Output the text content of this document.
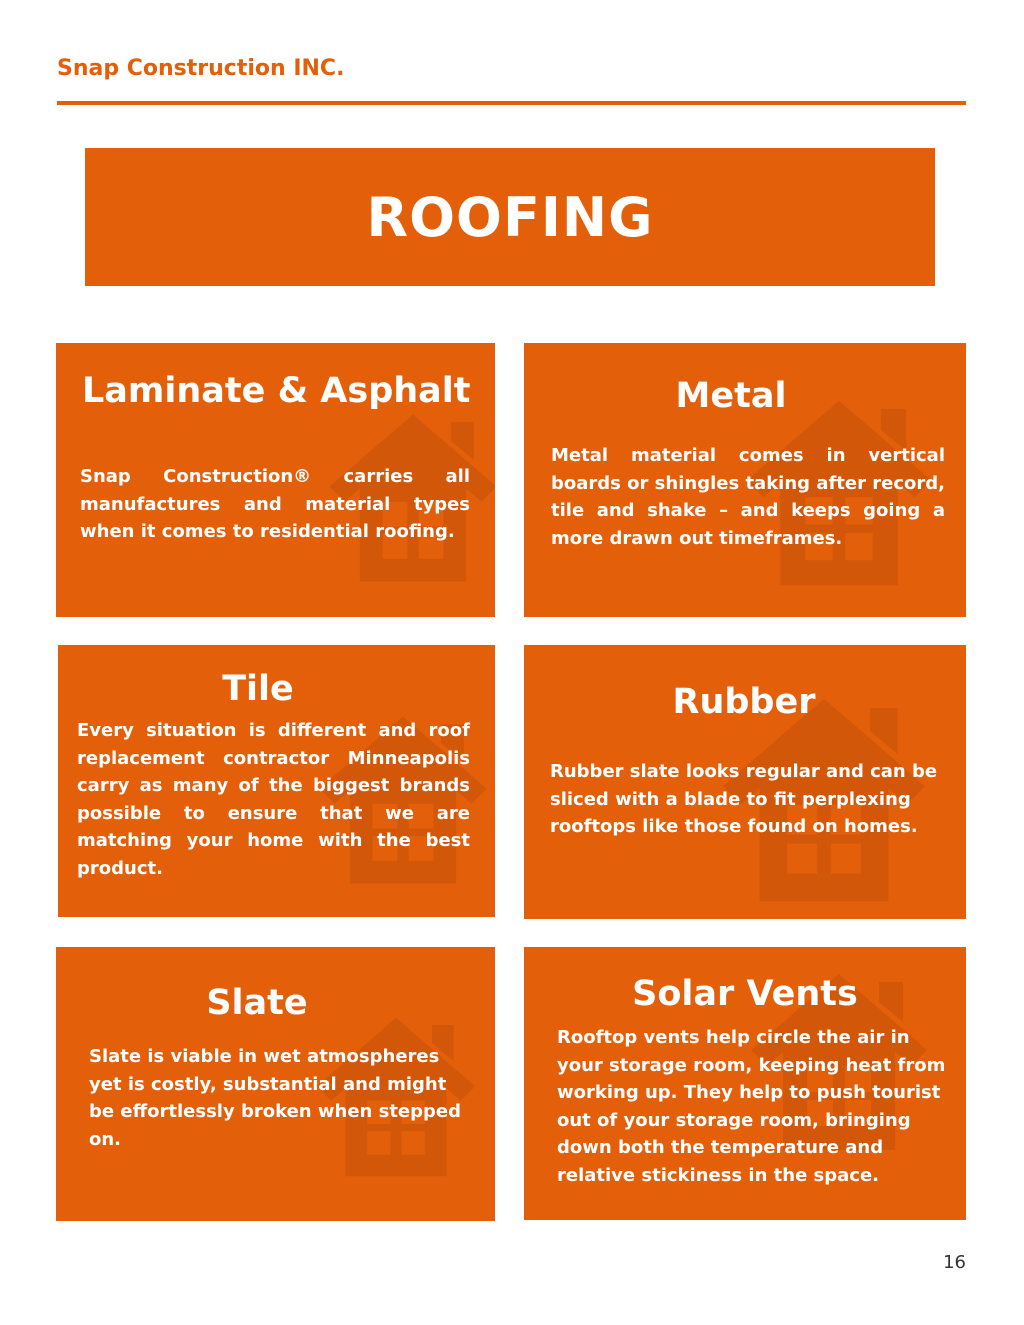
Snap Construction INC.
ROOFING
Laminate & Asphalt
Snap Construction® carries all manufactures and material types when it comes to residential roofing.
Metal
Metal material comes in vertical boards or shingles taking after record, tile and shake – and keeps going a more drawn out timeframes.
Tile
Every situation is different and roof replacement contractor Minneapolis carry as many of the biggest brands possible to ensure that we are matching your home with the best product.
Rubber
Rubber slate looks regular and can be sliced with a blade to fit perplexing rooftops like those found on homes.
Slate
Slate is viable in wet atmospheres yet is costly, substantial and might be effortlessly broken when stepped on.
Solar Vents
Rooftop vents help circle the air in your storage room, keeping heat from working up. They help to push tourist out of your storage room, bringing down both the temperature and relative stickiness in the space.
16
